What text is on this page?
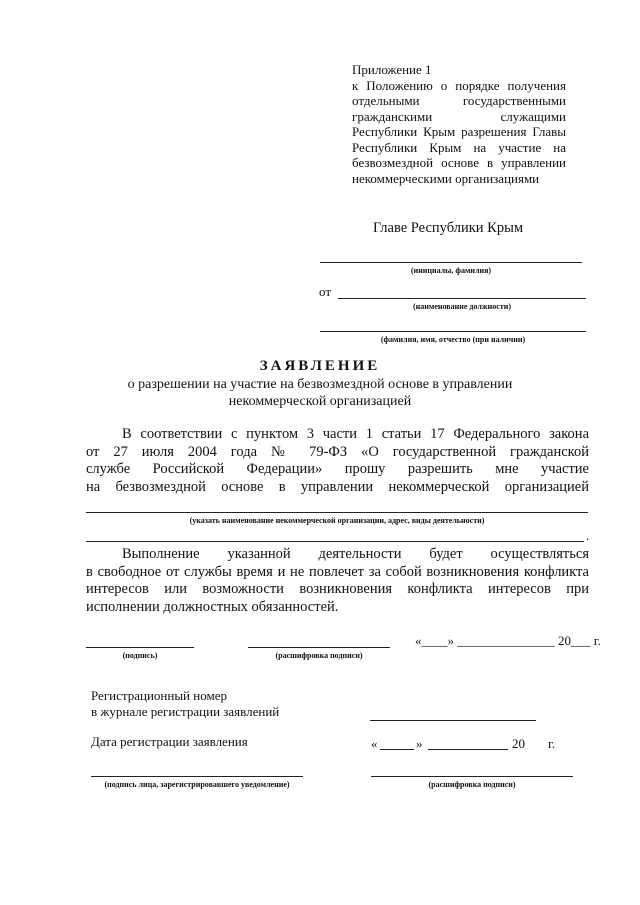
Приложение 1
к Положению о порядке получения
отдельными государственными
гражданскими служащими
Республики Крым разрешения Главы
Республики Крым на участие на
безвозмездной основе в управлении
некоммерческими организациями
Главе Республики Крым
(инициалы, фамилия)
от
(наименование должности)
(фамилия, имя, отчество (при наличии)
ЗАЯВЛЕНИЕ
о разрешении на участие на безвозмездной основе в управлении
некоммерческой организацией
В соответствии с пунктом 3 части 1 статьи 17 Федерального закона
от 27 июля 2004 года № 79-ФЗ «О государственной гражданской
службе Российской Федерации» прошу разрешить мне участие
на безвозмездной основе в управлении некоммерческой организацией
(указать наименование некоммерческой организации, адрес, виды деятельности)
.
Выполнение указанной деятельности будет осуществляться
в свободное от службы время и не повлечет за собой возникновения конфликта
интересов или возможности возникновения конфликта интересов при
исполнении должностных обязанностей.
(подпись)	(расшифровка подписи)
«____» _______________ 20___ г.
Регистрационный номер
в журнале регистрации заявлений
Дата регистрации заявления	«	»	20 г.
(подпись лица, зарегистрировавшего уведомление)	(расшифровка подписи)
